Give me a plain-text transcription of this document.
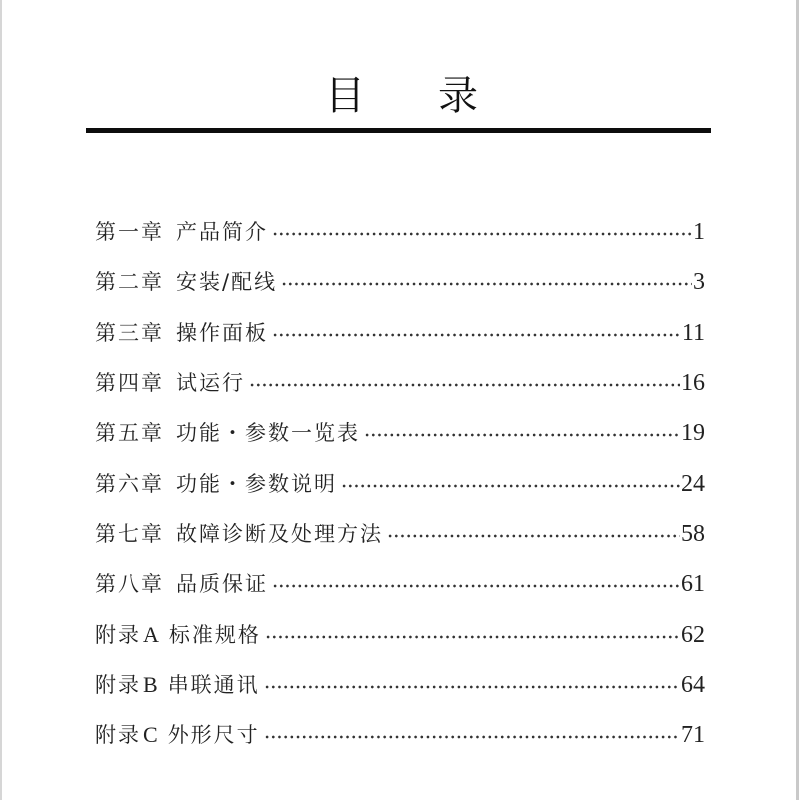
目 录
第一章 产品简介	1
第二章 安装/配线	3
第三章 操作面板	11
第四章 试运行	16
第五章 功能・参数一览表	19
第六章 功能・参数说明	24
第七章 故障诊断及处理方法	58
第八章 品质保证	61
附录A 标准规格	62
附录B 串联通讯	64
附录C 外形尺寸	71
